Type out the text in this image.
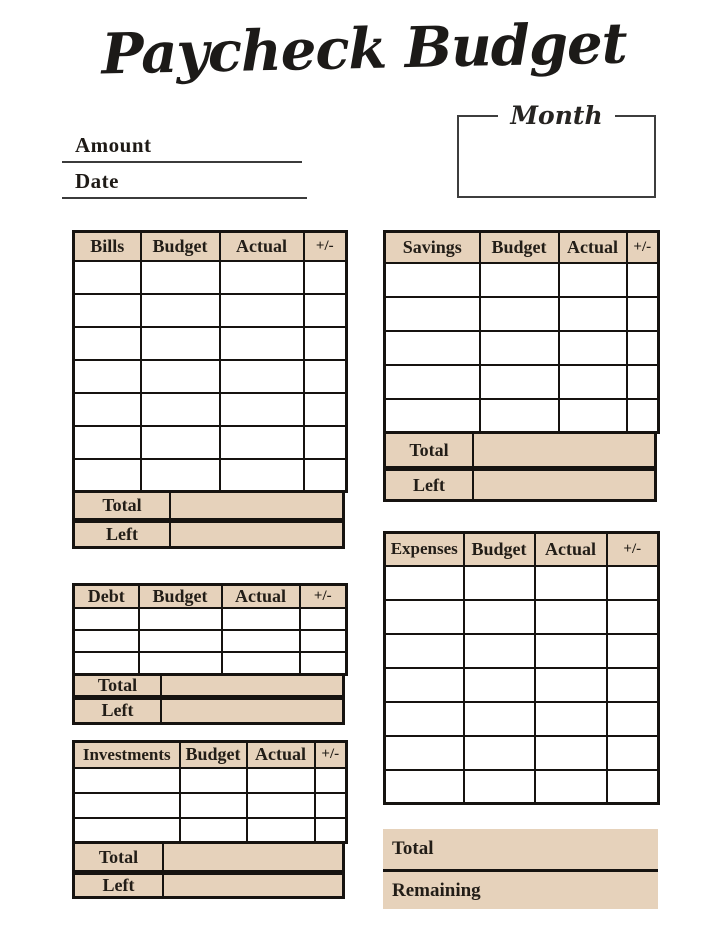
Paycheck Budget
Month
Amount
Date
Bills	Budget	Actual	+/-

Total
Left
Debt	Budget	Actual	+/-

Total
Left
Investments	Budget	Actual	+/-

Total
Left
Savings	Budget	Actual	+/-

Total
Left
Expenses	Budget	Actual	+/-

Total
Remaining
